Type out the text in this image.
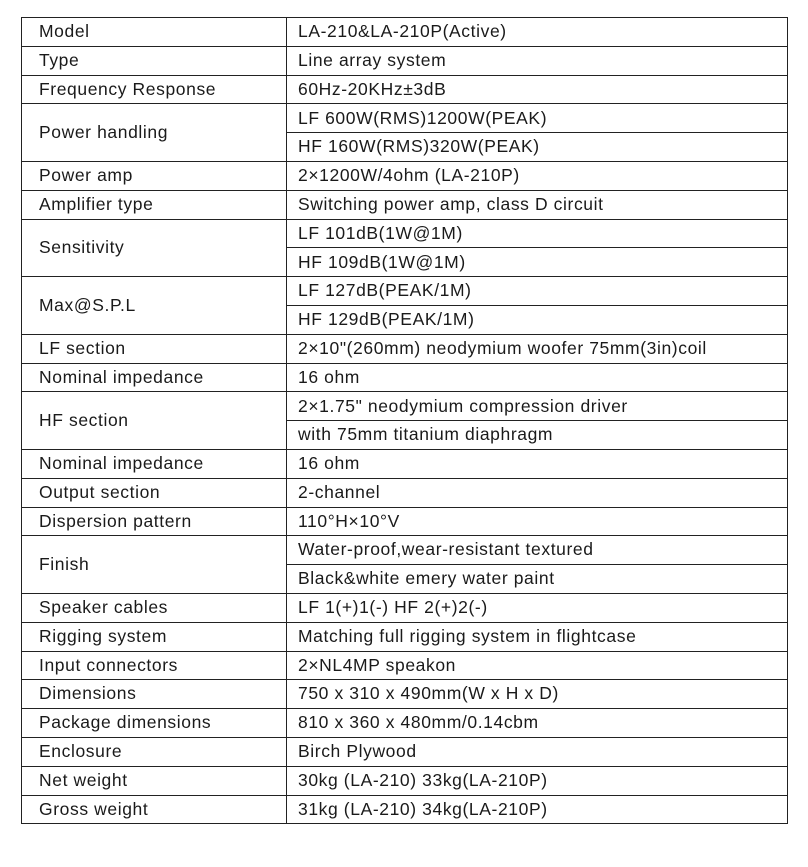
Model	LA-210&LA-210P(Active)
Type	Line array system
Frequency Response	60Hz-20KHz±3dB
Power handling	LF 600W(RMS)1200W(PEAK)
	HF 160W(RMS)320W(PEAK)
Power amp	2×1200W/4ohm (LA-210P)
Amplifier type	Switching power amp, class D circuit
Sensitivity	LF 101dB(1W@1M)
	HF 109dB(1W@1M)
Max@S.P.L	LF 127dB(PEAK/1M)
	HF 129dB(PEAK/1M)
LF section	2×10"(260mm) neodymium woofer 75mm(3in)coil
Nominal impedance	16 ohm
HF section	2×1.75" neodymium compression driver
	with 75mm titanium diaphragm
Nominal impedance	16 ohm
Output section	2-channel
Dispersion pattern	110°H×10°V
Finish	Water-proof,wear-resistant textured
	Black&white emery water paint
Speaker cables	LF 1(+)1(-) HF 2(+)2(-)
Rigging system	Matching full rigging system in flightcase
Input connectors	2×NL4MP speakon
Dimensions	750 x 310 x 490mm(W x H x D)
Package dimensions	810 x 360 x 480mm/0.14cbm
Enclosure	Birch Plywood
Net weight	30kg (LA-210) 33kg(LA-210P)
Gross weight	31kg (LA-210) 34kg(LA-210P)
